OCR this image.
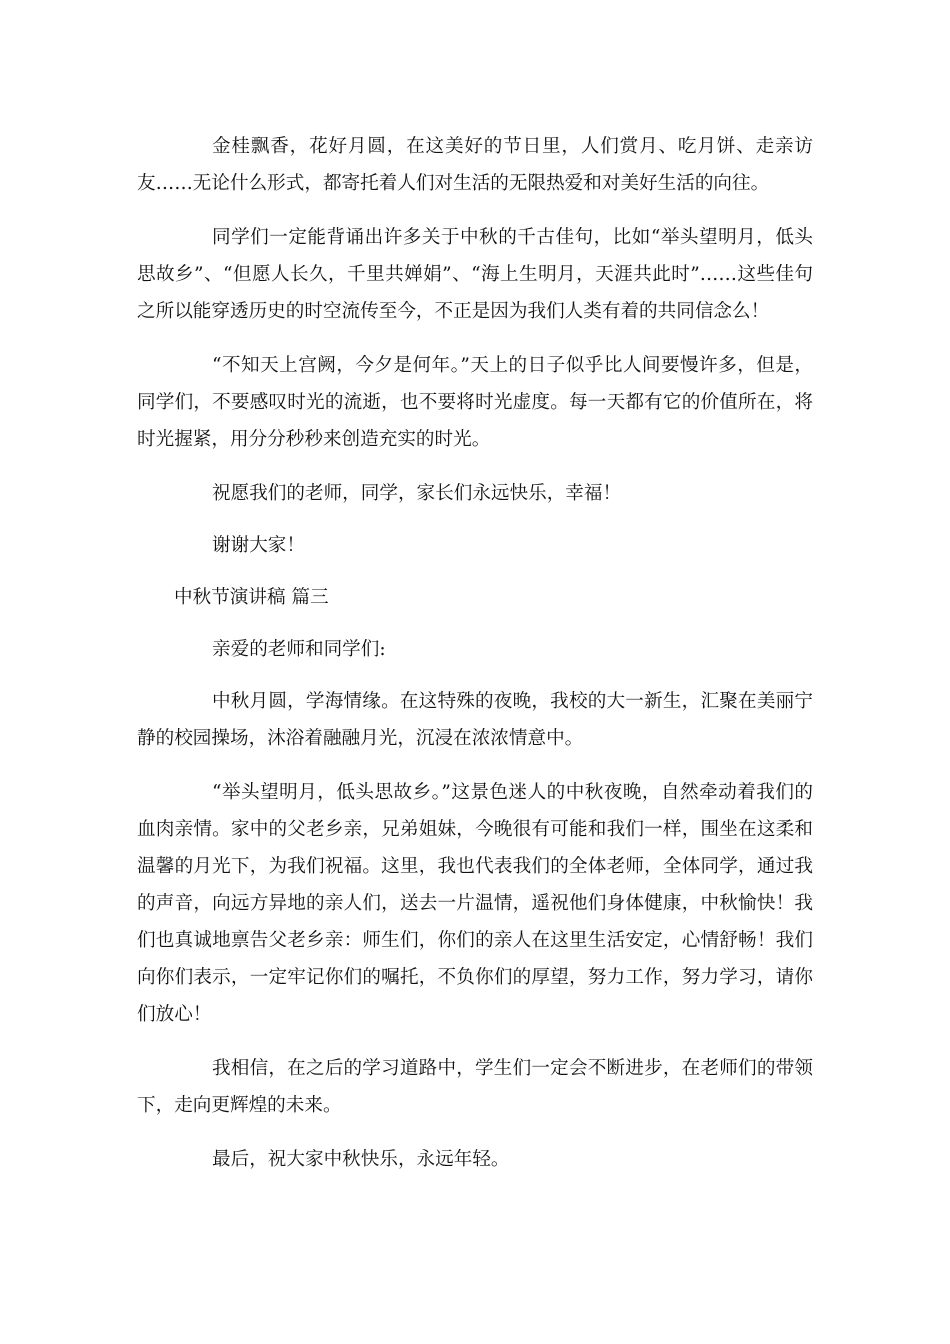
金桂飘香，花好月圆，在这美好的节日里，人们赏月、吃月饼、走亲访友……无论什么形式，都寄托着人们对生活的无限热爱和对美好生活的向往。

同学们一定能背诵出许多关于中秋的千古佳句，比如“举头望明月，低头思故乡”、“但愿人长久，千里共婵娟”、“海上生明月，天涯共此时”……这些佳句之所以能穿透历史的时空流传至今，不正是因为我们人类有着的共同信念么！

“不知天上宫阙，今夕是何年。”天上的日子似乎比人间要慢许多，但是，同学们，不要感叹时光的流逝，也不要将时光虚度。每一天都有它的价值所在，将时光握紧，用分分秒秒来创造充实的时光。

祝愿我们的老师，同学，家长们永远快乐，幸福！

谢谢大家！

中秋节演讲稿 篇三

亲爱的老师和同学们:

中秋月圆，学海情缘。在这特殊的夜晚，我校的大一新生，汇聚在美丽宁静的校园操场，沐浴着融融月光，沉浸在浓浓情意中。

“举头望明月，低头思故乡。”这景色迷人的中秋夜晚，自然牵动着我们的血肉亲情。家中的父老乡亲，兄弟姐妹，今晚很有可能和我们一样，围坐在这柔和温馨的月光下，为我们祝福。这里，我也代表我们的全体老师，全体同学，通过我的声音，向远方异地的亲人们，送去一片温情，遥祝他们身体健康，中秋愉快！我们也真诚地禀告父老乡亲：师生们，你们的亲人在这里生活安定，心情舒畅！我们向你们表示，一定牢记你们的嘱托，不负你们的厚望，努力工作，努力学习，请你们放心！

我相信，在之后的学习道路中，学生们一定会不断进步，在老师们的带领下，走向更辉煌的未来。

最后，祝大家中秋快乐，永远年轻。
